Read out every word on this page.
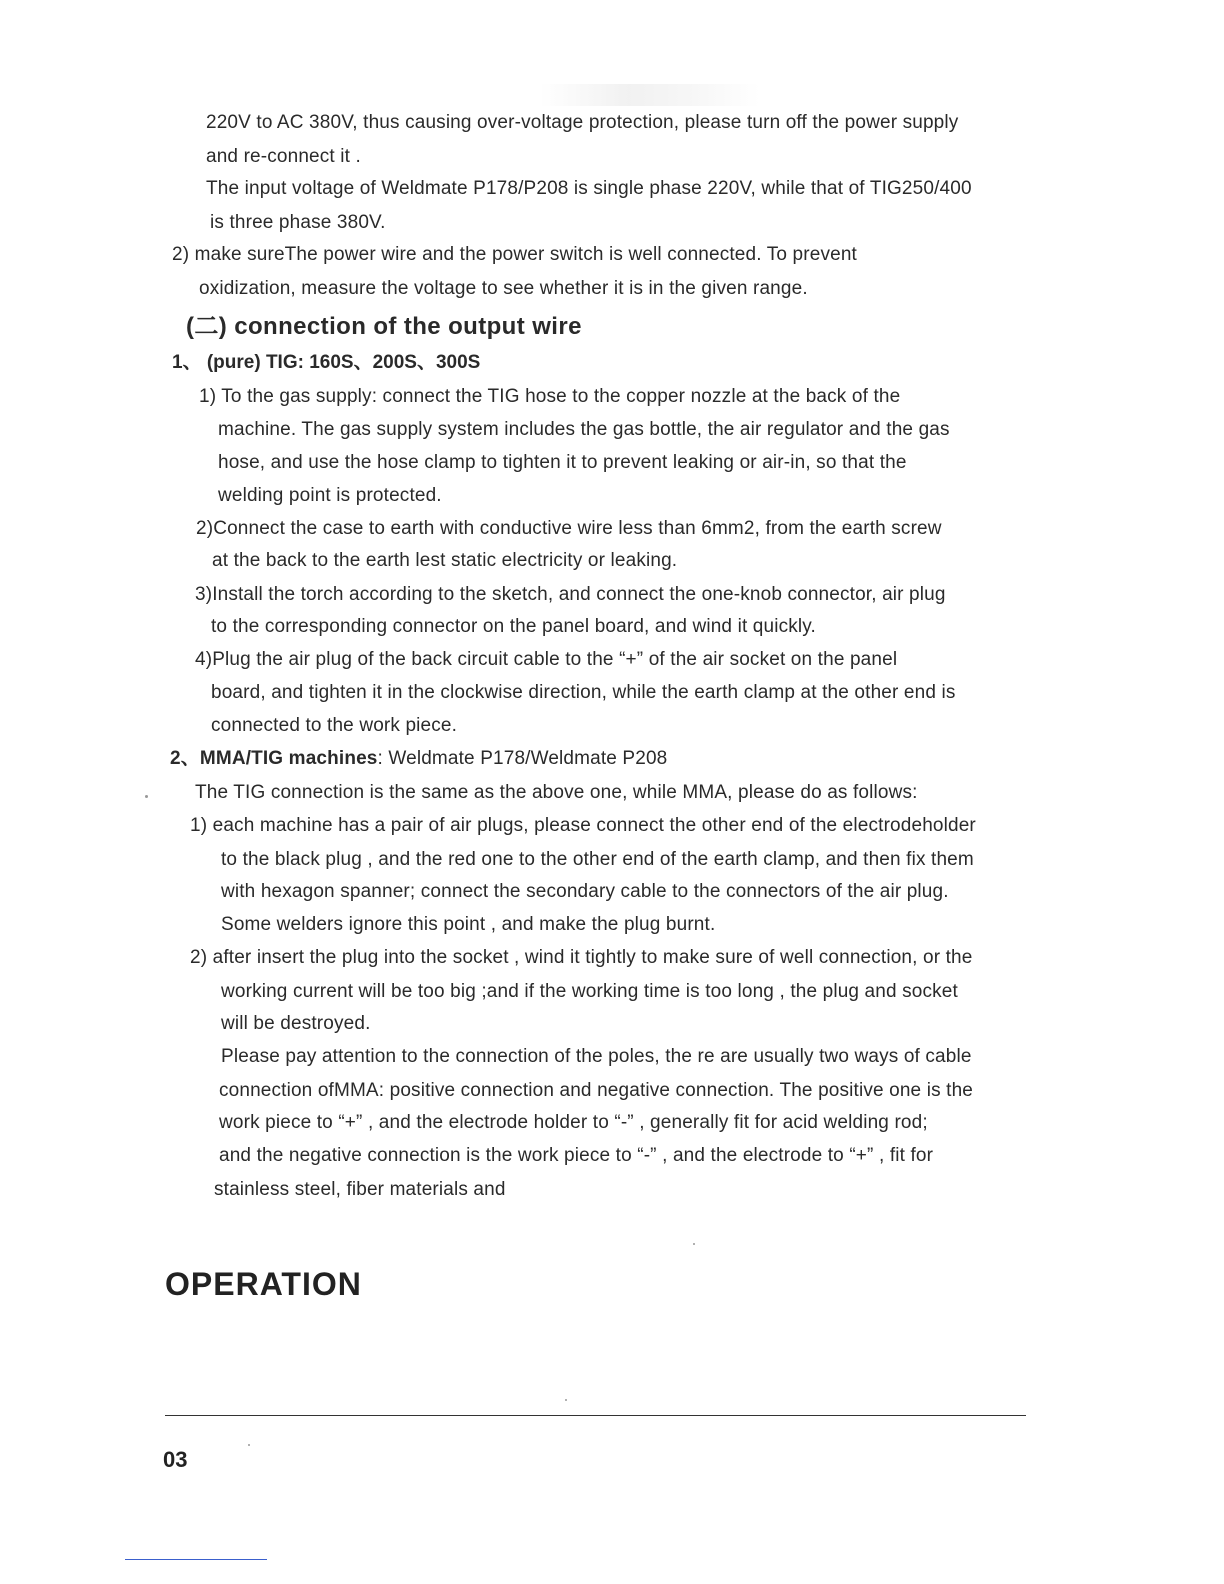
220V to AC 380V, thus causing over-voltage protection, please turn off the power supply
and re-connect it .
The input voltage of Weldmate P178/P208 is single phase 220V, while that of TIG250/400
is three phase 380V.
2) make sureThe power wire and the power switch is well connected. To prevent
oxidization, measure the voltage to see whether it is in the given range.
(二) connection of the output wire
1、 (pure) TIG: 160S、200S、300S
1) To the gas supply: connect the TIG hose to the copper nozzle at the back of the
machine. The gas supply system includes the gas bottle, the air regulator and the gas
hose, and use the hose clamp to tighten it to prevent leaking or air-in, so that the
welding point is protected.
2)Connect the case to earth with conductive wire less than 6mm2, from the earth screw
at the back to the earth lest static electricity or leaking.
3)Install the torch according to the sketch, and connect the one-knob connector, air plug
to the corresponding connector on the panel board, and wind it quickly.
4)Plug the air plug of the back circuit cable to the “+” of the air socket on the panel
board, and tighten it in the clockwise direction, while the earth clamp at the other end is
connected to the work piece.
2、MMA/TIG machines: Weldmate P178/Weldmate P208
The TIG connection is the same as the above one, while MMA, please do as follows:
1) each machine has a pair of air plugs, please connect the other end of the electrodeholder
to the black plug , and the red one to the other end of the earth clamp, and then fix them
with hexagon spanner; connect the secondary cable to the connectors of the air plug.
Some welders ignore this point , and make the plug burnt.
2) after insert the plug into the socket , wind it tightly to make sure of well connection, or the
working current will be too big ;and if the working time is too long , the plug and socket
will be destroyed.
Please pay attention to the connection of the poles, the re are usually two ways of cable
connection ofMMA: positive connection and negative connection. The positive one is the
work piece to “+” , and the electrode holder to “-” , generally fit for acid welding rod;
and the negative connection is the work piece to “-” , and the electrode to “+” , fit for
stainless steel, fiber materials and
OPERATION
03
